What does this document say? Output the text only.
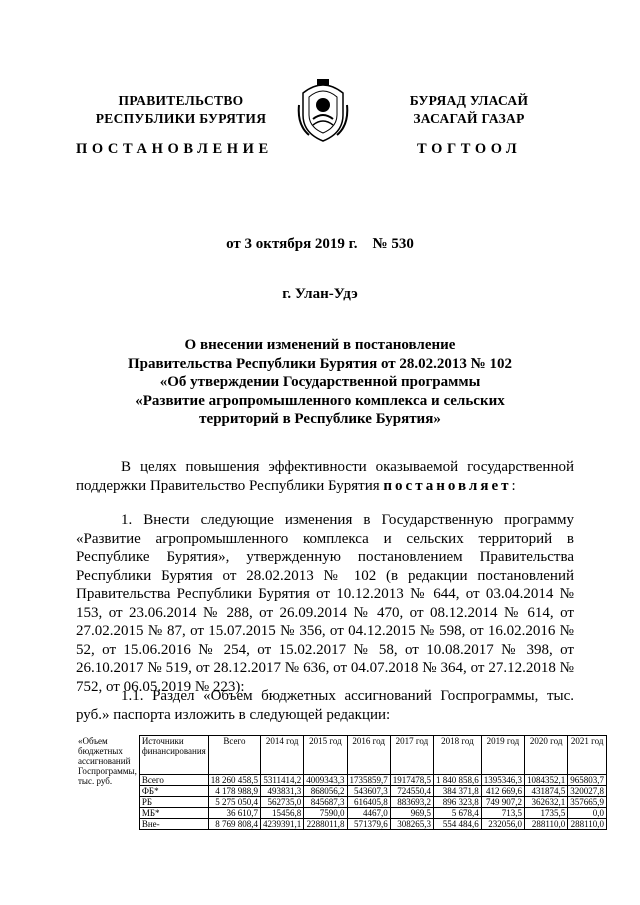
ПРАВИТЕЛЬСТВО
РЕСПУБЛИКИ БУРЯТИЯ
БУРЯАД УЛАСАЙ
ЗАСАГАЙ ГАЗАР
ПОСТАНОВЛЕНИЕ	ТОГТООЛ
от 3 октября 2019 г.    № 530
г. Улан-Удэ
О внесении изменений в постановление
Правительства Республики Бурятия от 28.02.2013 № 102
«Об утверждении Государственной программы
«Развитие агропромышленного комплекса и сельских
территорий в Республике Бурятия»
В целях повышения эффективности оказываемой государственной поддержки Правительство Республики Бурятия постановляет:
1. Внести следующие изменения в Государственную программу «Развитие агропромышленного комплекса и сельских территорий в Республике Бурятия», утвержденную постановлением Правительства Республики Бурятия от 28.02.2013 № 102 (в редакции постановлений Правительства Республики Бурятия от 10.12.2013 № 644, от 03.04.2014 № 153, от 23.06.2014 № 288, от 26.09.2014 № 470, от 08.12.2014 № 614, от 27.02.2015 № 87, от 15.07.2015 № 356, от 04.12.2015 № 598, от 16.02.2016 № 52, от 15.06.2016 № 254, от 15.02.2017 № 58, от 10.08.2017 № 398, от 26.10.2017 № 519, от 28.12.2017 № 636, от 04.07.2018 № 364, от 27.12.2018 № 752, от 06.05.2019 № 223):
1.1. Раздел «Объем бюджетных ассигнований Госпрограммы, тыс. руб.» паспорта изложить в следующей редакции:
«Объем бюджетных ассигнований Госпрограммы, тыс. руб.	Источники финансирования	Всего	2014 год	2015 год	2016 год	2017 год	2018 год	2019 год	2020 год	2021 год
	Всего	18 260 458,5	5311414,2	4009343,3	1735859,7	1917478,5	1 840 858,6	1395346,3	1084352,1	965803,7
	ФБ*	4 178 988,9	493831,3	868056,2	543607,3	724550,4	384 371,8	412 669,6	431874,5	320027,8
	РБ	5 275 050,4	562735,0	845687,3	616405,8	883693,2	896 323,8	749 907,2	362632,1	357665,9
	МБ*	36 610,7	15456,8	7590,0	4467,0	969,5	5 678,4	713,5	1735,5	0,0
	Вне-	8 769 808,4	4239391,1	2288011,8	571379,6	308265,3	554 484,6	232056,0	288110,0	288110,0
